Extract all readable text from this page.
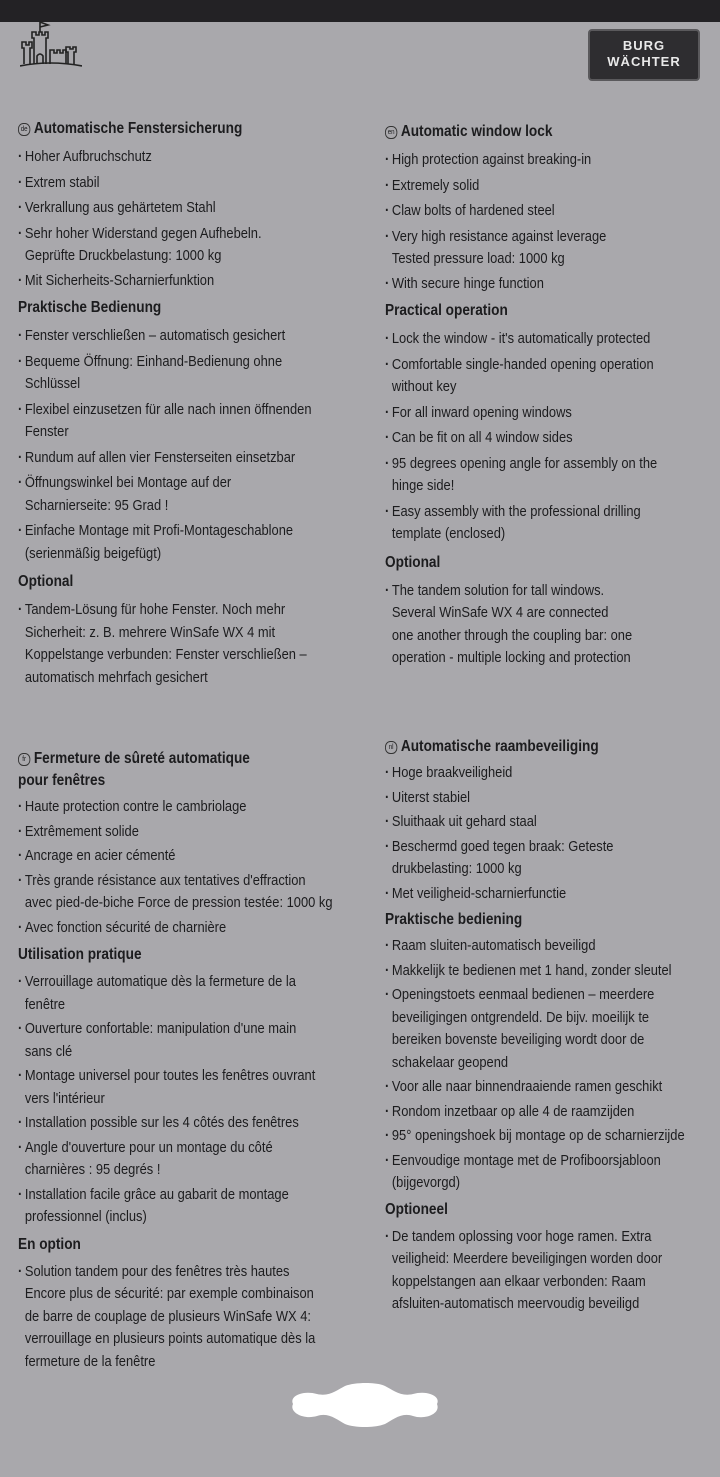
BURG
WÄCHTER

de Automatische Fenstersicherung

· Hoher Aufbruchschutz
· Extrem stabil
· Verkrallung aus gehärtetem Stahl
· Sehr hoher Widerstand gegen Aufhebeln.
Geprüfte Druckbelastung: 1000 kg
· Mit Sicherheits-Scharnierfunktion

Praktische Bedienung

· Fenster verschließen – automatisch gesichert
· Bequeme Öffnung: Einhand-Bedienung ohne
Schlüssel
· Flexibel einzusetzen für alle nach innen öffnenden
Fenster
· Rundum auf allen vier Fensterseiten einsetzbar
· Öffnungswinkel bei Montage auf der
Scharnierseite: 95 Grad !
· Einfache Montage mit Profi-Montageschablone
(serienmäßig beigefügt)

Optional

· Tandem-Lösung für hohe Fenster. Noch mehr
Sicherheit: z. B. mehrere WinSafe WX 4 mit
Koppelstange verbunden: Fenster verschließen –
automatisch mehrfach gesichert

en Automatic window lock

· High protection against breaking-in
· Extremely solid
· Claw bolts of hardened steel
· Very high resistance against leverage
Tested pressure load: 1000 kg
· With secure hinge function

Practical operation

· Lock the window - it's automatically protected
· Comfortable single-handed opening operation
without key
· For all inward opening windows
· Can be fit on all 4 window sides
· 95 degrees opening angle for assembly on the
hinge side!
· Easy assembly with the professional drilling
template (enclosed)

Optional

· The tandem solution for tall windows.
Several WinSafe WX 4 are connected
one another through the coupling bar: one
operation - multiple locking and protection

fr Fermeture de sûreté automatique

pour fenêtres

· Haute protection contre le cambriolage
· Extrêmement solide
· Ancrage en acier cémenté
· Très grande résistance aux tentatives d'effraction
avec pied-de-biche Force de pression testée: 1000 kg
· Avec fonction sécurité de charnière

Utilisation pratique

· Verrouillage automatique dès la fermeture de la
fenêtre
· Ouverture confortable: manipulation d'une main
sans clé
· Montage universel pour toutes les fenêtres ouvrant
vers l'intérieur
· Installation possible sur les 4 côtés des fenêtres
· Angle d'ouverture pour un montage du côté
charnières : 95 degrés !
· Installation facile grâce au gabarit de montage
professionnel (inclus)

En option

· Solution tandem pour des fenêtres très hautes
Encore plus de sécurité: par exemple combinaison
de barre de couplage de plusieurs WinSafe WX 4:
verrouillage en plusieurs points automatique dès la
fermeture de la fenêtre

nl Automatische raambeveiliging

· Hoge braakveiligheid
· Uiterst stabiel
· Sluithaak uit gehard staal
· Beschermd goed tegen braak: Geteste
drukbelasting: 1000 kg
· Met veiligheid-scharnierfunctie

Praktische bediening

· Raam sluiten-automatisch beveiligd
· Makkelijk te bedienen met 1 hand, zonder sleutel
· Openingstoets eenmaal bedienen – meerdere
beveiligingen ontgrendeld. De bijv. moeilijk te
bereiken bovenste beveiliging wordt door de
schakelaar geopend
· Voor alle naar binnendraaiende ramen geschikt
· Rondom inzetbaar op alle 4 de raamzijden
· 95° openingshoek bij montage op de scharnierzijde
· Eenvoudige montage met de Profiboorsjabloon
(bijgevorgd)

Optioneel

· De tandem oplossing voor hoge ramen. Extra
veiligheid: Meerdere beveiligingen worden door
koppelstangen aan elkaar verbonden: Raam
afsluiten-automatisch meervoudig beveiligd
